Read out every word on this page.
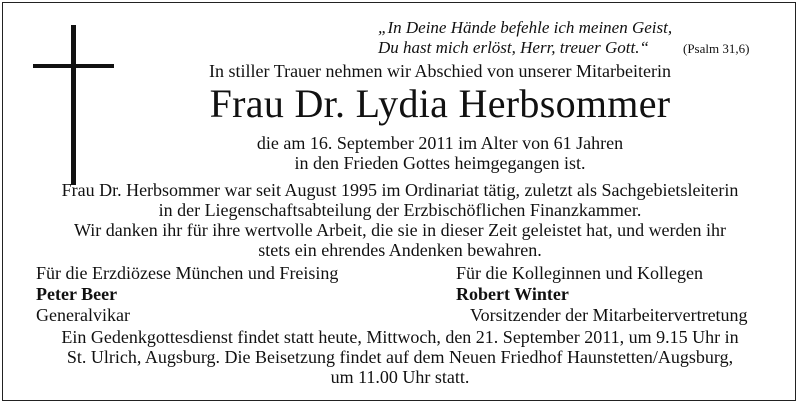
„In Deine Hände befehle ich meinen Geist,
Du hast mich erlöst, Herr, treuer Gott.“	(Psalm 31,6)
In stiller Trauer nehmen wir Abschied von unserer Mitarbeiterin
Frau Dr. Lydia Herbsommer
die am 16. September 2011 im Alter von 61 Jahren
in den Frieden Gottes heimgegangen ist.
Frau Dr. Herbsommer war seit August 1995 im Ordinariat tätig, zuletzt als Sachgebietsleiterin
in der Liegenschaftsabteilung der Erzbischöflichen Finanzkammer.
Wir danken ihr für ihre wertvolle Arbeit, die sie in dieser Zeit geleistet hat, und werden ihr
stets ein ehrendes Andenken bewahren.
Für die Erzdiözese München und Freising
Peter Beer
Generalvikar
Für die Kolleginnen und Kollegen
Robert Winter
Vorsitzender der Mitarbeitervertretung
Ein Gedenkgottesdienst findet statt heute, Mittwoch, den 21. September 2011, um 9.15 Uhr in
St. Ulrich, Augsburg. Die Beisetzung findet auf dem Neuen Friedhof Haunstetten/Augsburg,
um 11.00 Uhr statt.
